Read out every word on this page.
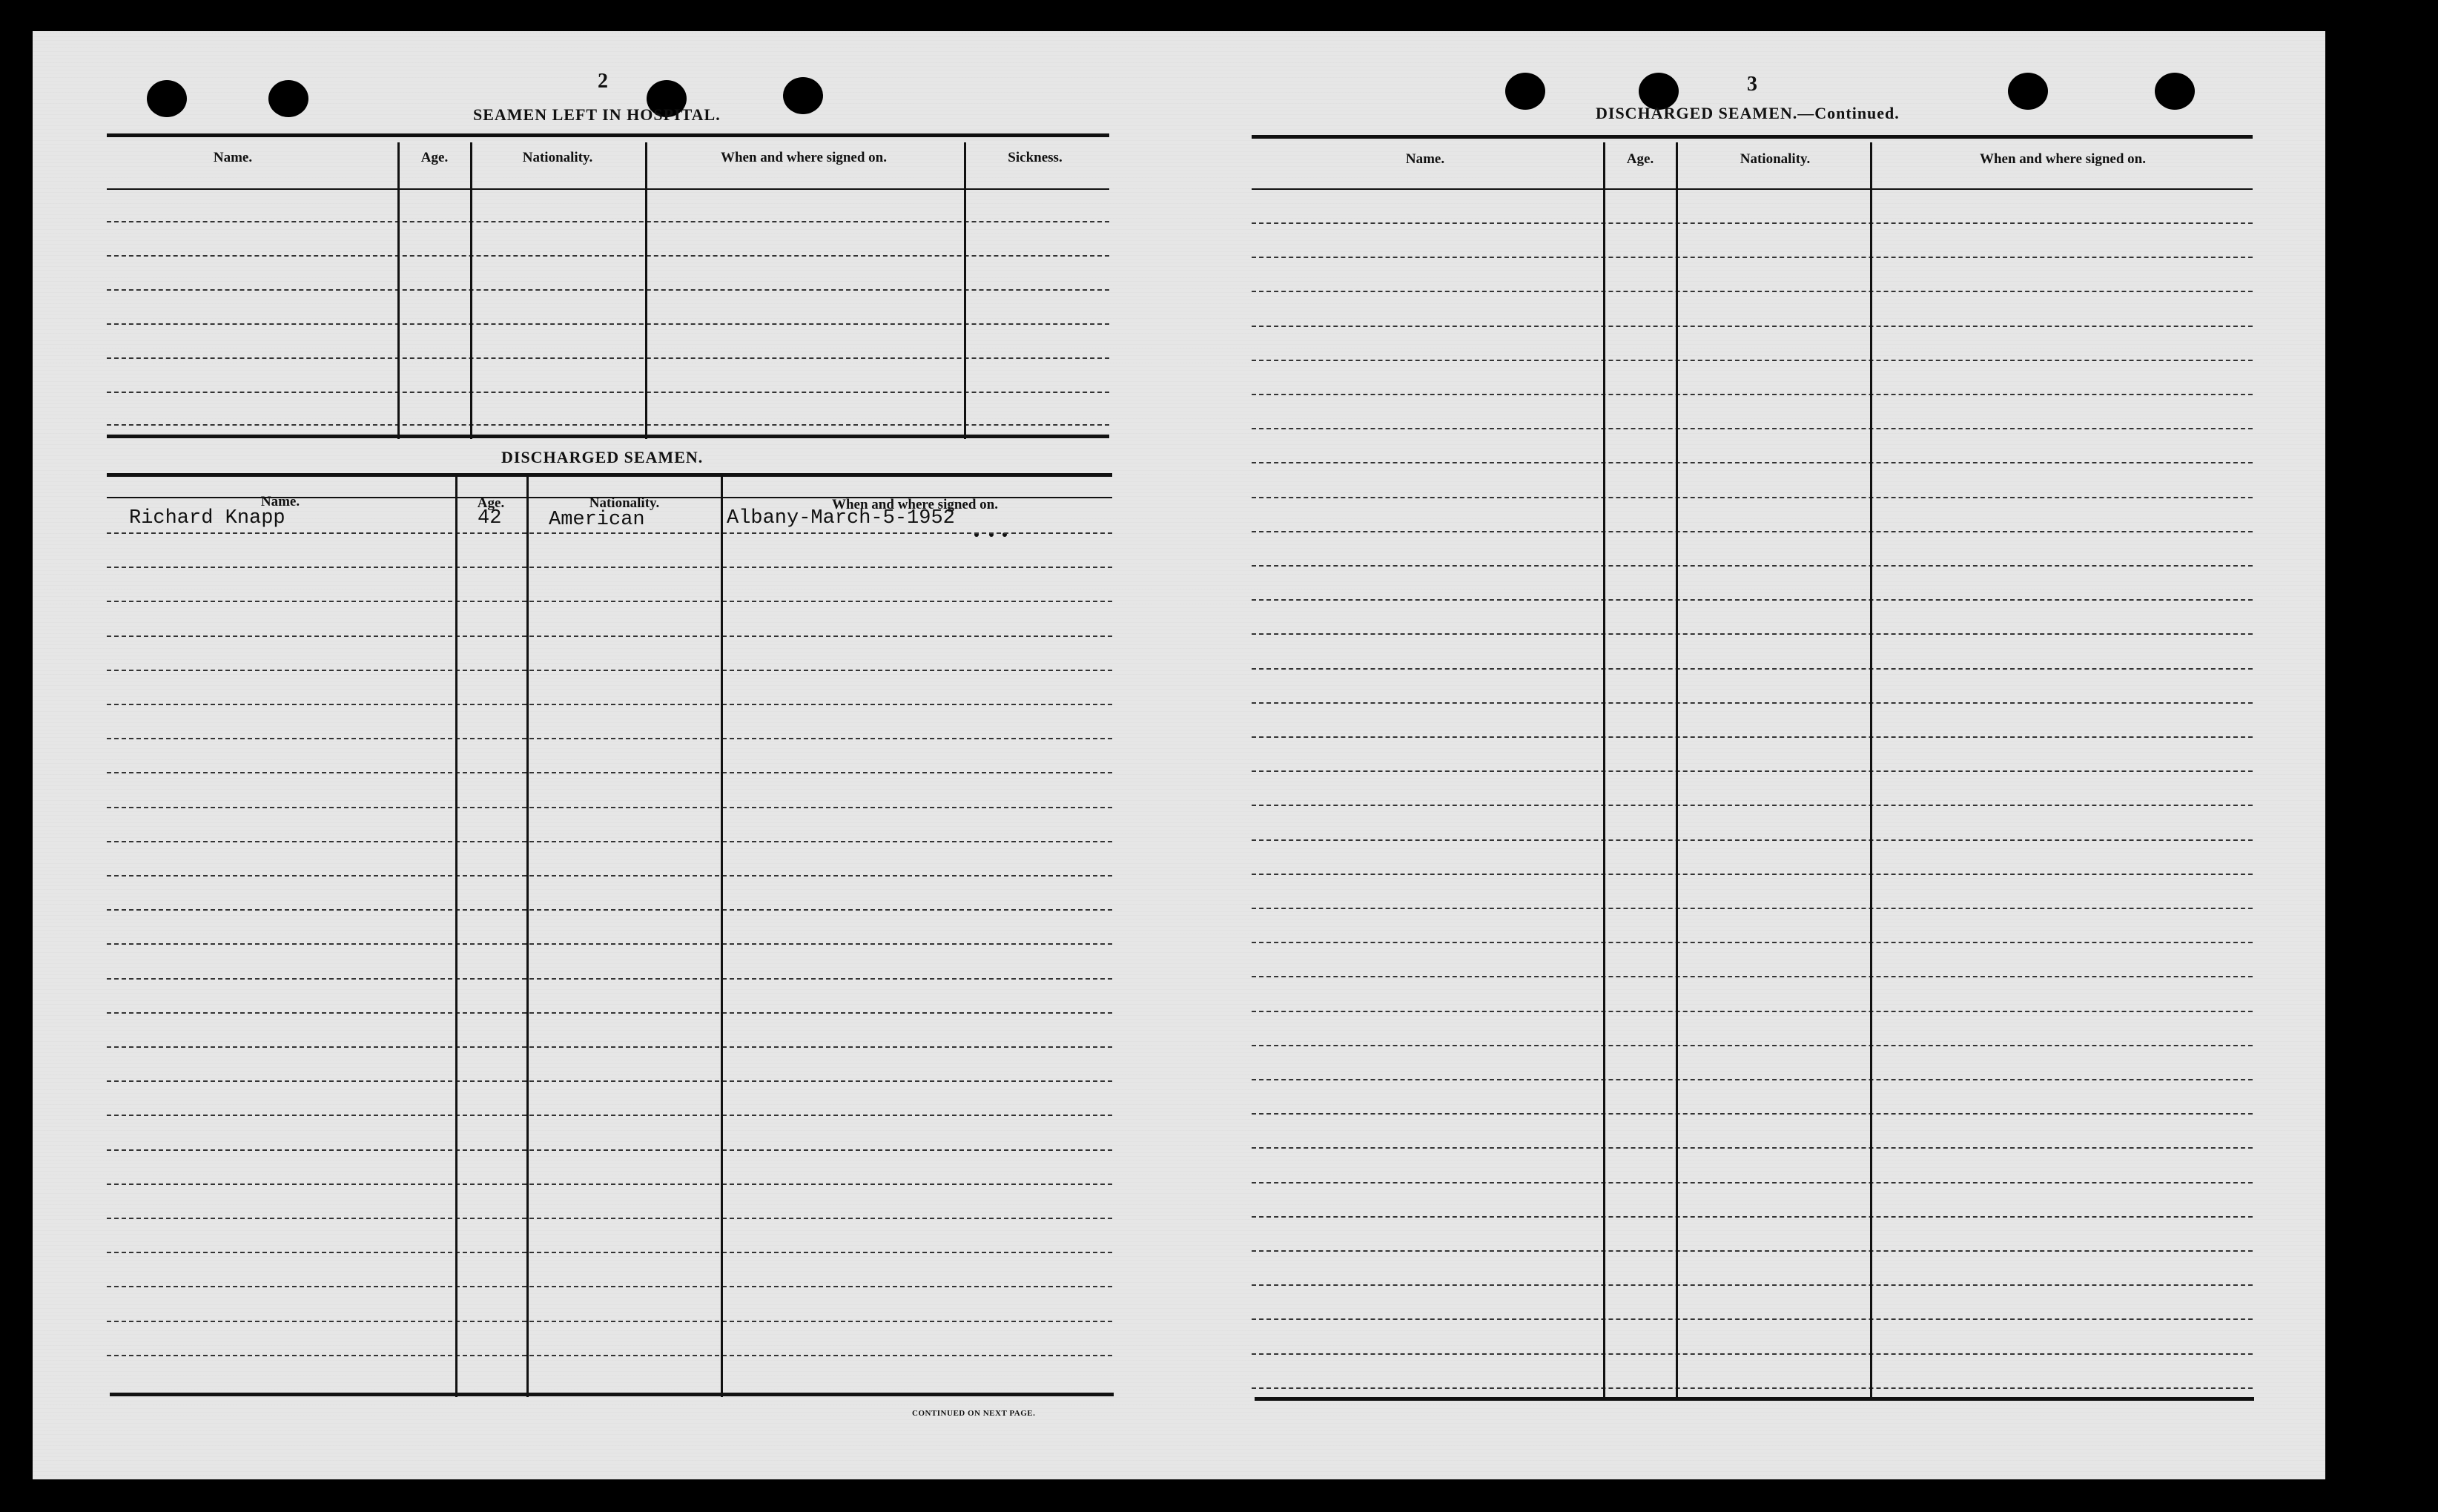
2
SEAMEN LEFT IN HOSPITAL.
Name.	Age.	Nationality.	When and where signed on.	Sickness.
DISCHARGED SEAMEN.
Name.	Age.	Nationality.	When and where signed on.
Richard Knapp	42 American	Albany-March-5-1952
CONTINUED ON NEXT PAGE.
3
DISCHARGED SEAMEN.—Continued.
Name.	Age.	Nationality.	When and where signed on.
